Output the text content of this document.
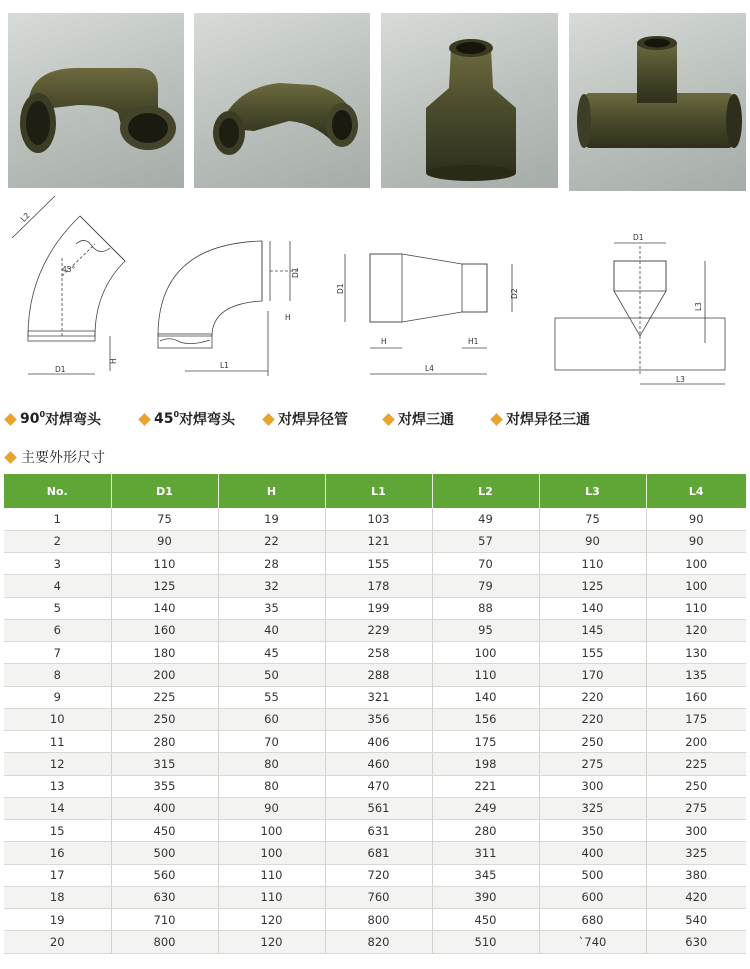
L2
45°
H
D1
D1
H
L1
D1	D2
H	H1
L4
D1
L3
L3
$90^0$ 对焊弯头	$45^0$ 对焊弯头	对焊异径管	对焊三通	对焊异径三通
主要外形尺寸
No.	D1	H	L1	L2	L3	L4
1	75	19	103	49	75	90
2	90	22	121	57	90	90
3	110	28	155	70	110	100
4	125	32	178	79	125	100
5	140	35	199	88	140	110
6	160	40	229	95	145	120
7	180	45	258	100	155	130
8	200	50	288	110	170	135
9	225	55	321	140	220	160
10	250	60	356	156	220	175
11	280	70	406	175	250	200
12	315	80	460	198	275	225
13	355	80	470	221	300	250
14	400	90	561	249	325	275
15	450	100	631	280	350	300
16	500	100	681	311	400	325
17	560	110	720	345	500	380
18	630	110	760	390	600	420
19	710	120	800	450	680	540
20	800	120	820	510	`740	630
